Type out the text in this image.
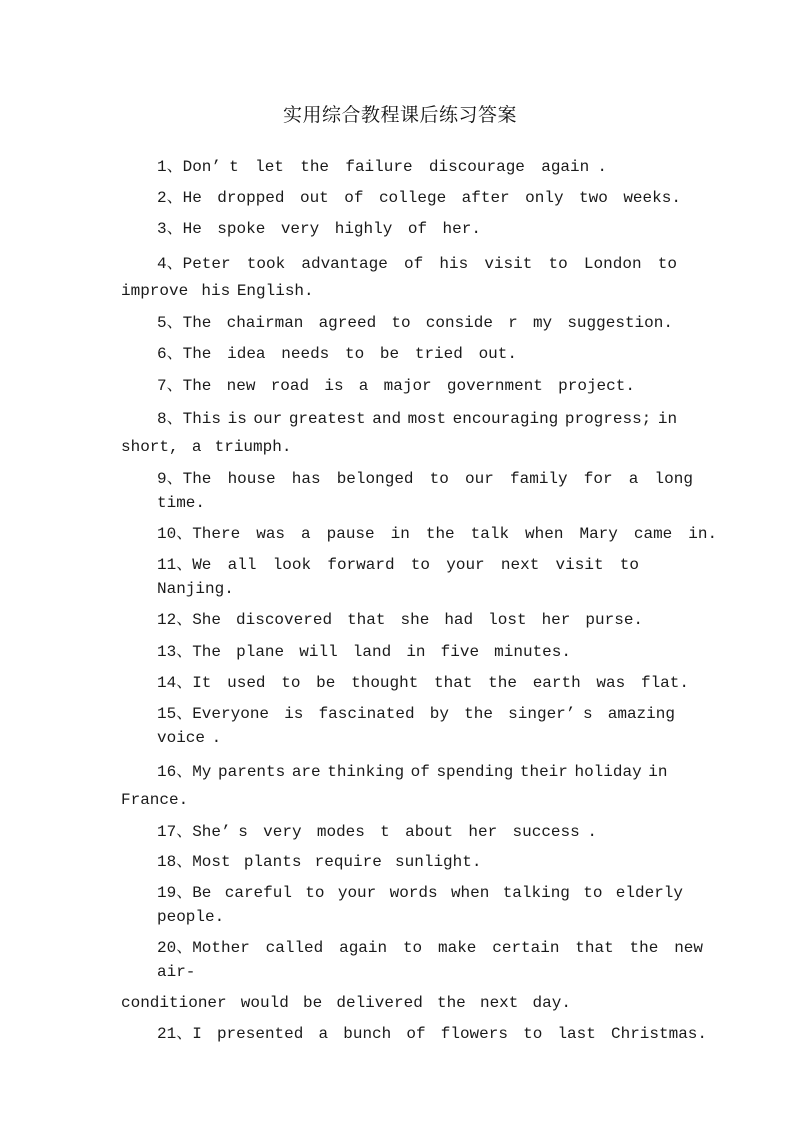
实用综合教程课后练习答案
1、Don’ t  let  the  failure  discourage  again .
2、He  dropped  out  of  college  after  only  two  weeks.
3、He  spoke  very  highly  of  her.
4、Peter  took  advantage  of  his  visit  to  London  to
improve  his English.
5、The  chairman  agreed  to  conside  r  my  suggestion.
6、The  idea  needs  to  be  tried  out.
7、The  new  road  is  a  major  government  project.
8、This is our greatest and most encouraging progress; in
short,  a  triumph.
9、The  house  has  belonged  to  our  family  for  a  long
time.
10、There  was  a  pause  in  the  talk  when  Mary  came  in.
11、We  all  look  forward  to  your  next  visit  to
Nanjing.
12、She  discovered  that  she  had  lost  her  purse.
13、The  plane  will  land  in  five  minutes.
14、It  used  to  be  thought  that  the  earth  was  flat.
15、Everyone  is  fascinated  by  the  singer’ s  amazing
voice .
16、My parents are thinking of spending their holiday in
France.
17、She’ s  very  modes  t  about  her  success .
18、Most  plants  require  sunlight.
19、Be  careful  to  your  words  when  talking  to  elderly
people.
20、Mother  called  again  to  make  certain  that  the  new
air-
conditioner  would  be  delivered  the  next  day.
21、I  presented  a  bunch  of  flowers  to  last  Christmas.
